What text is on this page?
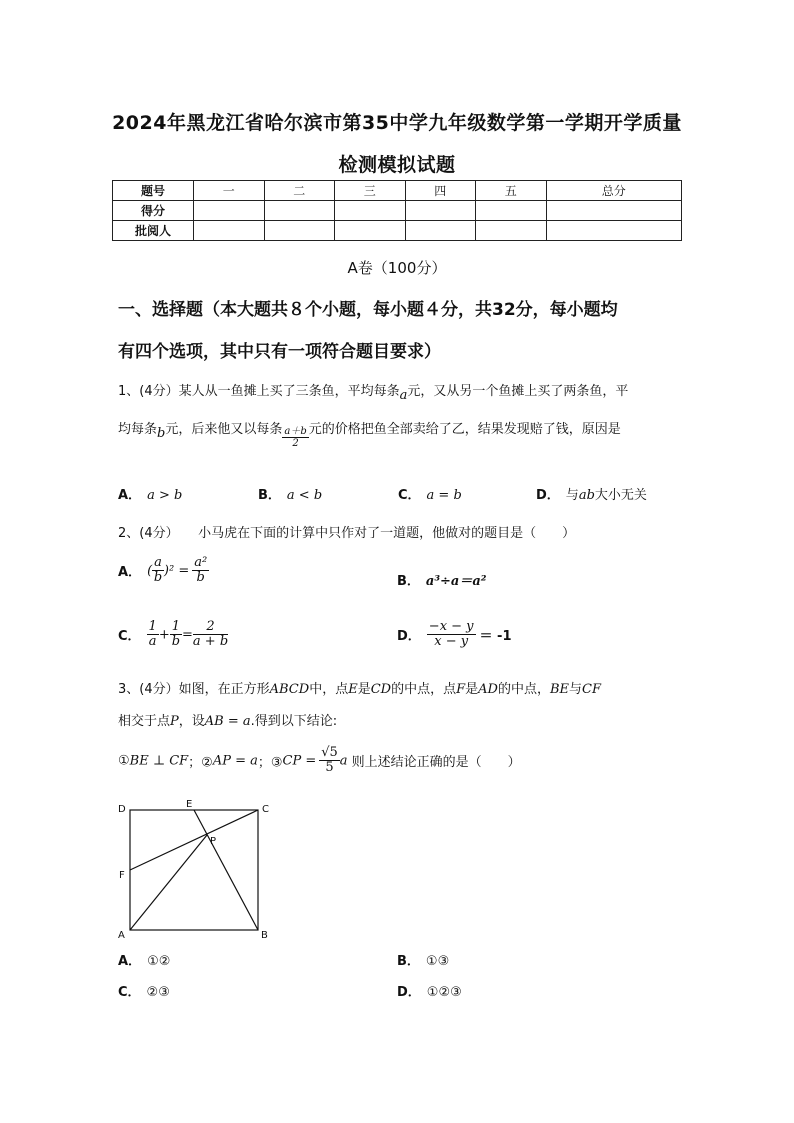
2024年黑龙江省哈尔滨市第35中学九年级数学第一学期开学质量
检测模拟试题
题号	一	二	三	四	五	总分
得分						
批阅人						
A卷（100分）
一、选择题（本大题共８个小题，每小题４分，共32分，每小题均
有四个选项，其中只有一项符合题目要求）
1、(4分）某人从一鱼摊上买了三条鱼，平均每条a元，又从另一个鱼摊上买了两条鱼，平
均每条b元，后来他又以每条 $\frac{a+b}{2}$ 元的价格把鱼全部卖给了乙，结果发现赔了钱，原因是
A． a > b	B． a < b	C． a = b	D． 与ab大小无关
2、(4分）　　小马虎在下面的计算中只作对了一道题，他做对的题目是（　　）
A． ( $\frac{a}{b} )^2 = \frac{\text{a²}}{b}$	B． a³÷a＝a²
C． $\frac{1}{a} + \frac{1}{b} = \frac{2}{a + b}$	D． $\frac{-x - y}{x - y} = -1$
3、(4分）如图，在正方形ABCD中，点E是CD的中点，点F是AD的中点，BE与CF
相交于点P，设AB = a.得到以下结论:
①BE ⊥ CF；②AP = a；③CP = $\frac{√5}{5}$ a 则上述结论正确的是（　　）
D	E	C
P
F
A	B
A． ①②	B． ①③
C． ②③	D． ①②③
